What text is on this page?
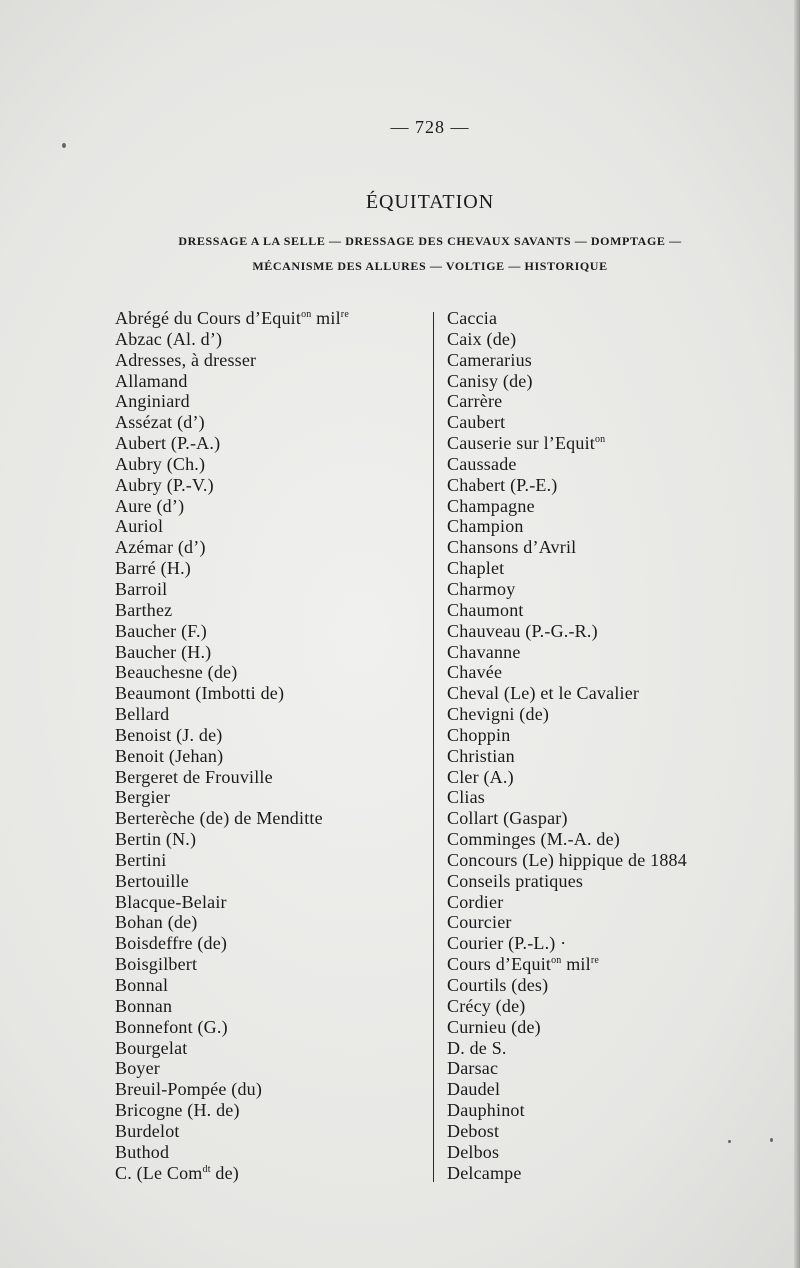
— 728 —
ÉQUITATION
DRESSAGE A LA SELLE — DRESSAGE DES CHEVAUX SAVANTS — DOMPTAGE —
MÉCANISME DES ALLURES — VOLTIGE — HISTORIQUE
Abrégé du Cours d’Equit$^{on}$ mil$^{re}$
Abzac (Al. d’)
Adresses, à dresser
Allamand
Anginiard
Assézat (d’)
Aubert (P.-A.)
Aubry (Ch.)
Aubry (P.-V.)
Aure (d’)
Auriol
Azémar (d’)
Barré (H.)
Barroil
Barthez
Baucher (F.)
Baucher (H.)
Beauchesne (de)
Beaumont (Imbotti de)
Bellard
Benoist (J. de)
Benoit (Jehan)
Bergeret de Frouville
Bergier
Berterèche (de) de Menditte
Bertin (N.)
Bertini
Bertouille
Blacque-Belair
Bohan (de)
Boisdeffre (de)
Boisgilbert
Bonnal
Bonnan
Bonnefont (G.)
Bourgelat
Boyer
Breuil-Pompée (du)
Bricogne (H. de)
Burdelot
Buthod
C. (Le Com$^{dt}$ de)
Caccia
Caix (de)
Camerarius
Canisy (de)
Carrère
Caubert
Causerie sur l’Equit$^{on}$
Caussade
Chabert (P.-E.)
Champagne
Champion
Chansons d’Avril
Chaplet
Charmoy
Chaumont
Chauveau (P.-G.-R.)
Chavanne
Chavée
Cheval (Le) et le Cavalier
Chevigni (de)
Choppin
Christian
Cler (A.)
Clias
Collart (Gaspar)
Comminges (M.-A. de)
Concours (Le) hippique de 1884
Conseils pratiques
Cordier
Courcier
Courier (P.-L.) ·
Cours d’Equit$^{on}$ mil$^{re}$
Courtils (des)
Crécy (de)
Curnieu (de)
D. de S.
Darsac
Daudel
Dauphinot
Debost
Delbos
Delcampe
